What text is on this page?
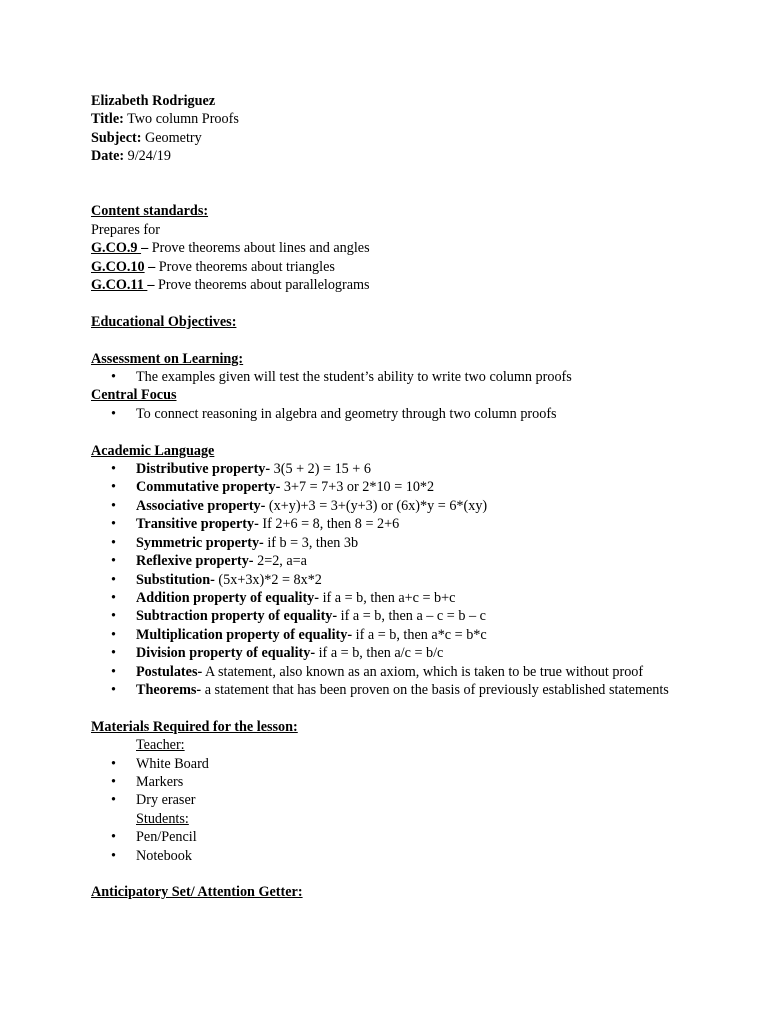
Elizabeth Rodriguez
Title: Two column Proofs
Subject: Geometry
Date: 9/24/19
Content standards:
Prepares for
G.CO.9 – Prove theorems about lines and angles
G.CO.10 – Prove theorems about triangles
G.CO.11 – Prove theorems about parallelograms
Educational Objectives:
Assessment on Learning:
• The examples given will test the student’s ability to write two column proofs
Central Focus
• To connect reasoning in algebra and geometry through two column proofs
Academic Language
• Distributive property- 3(5 + 2) = 15 + 6
• Commutative property- 3+7 = 7+3 or 2*10 = 10*2
• Associative property- (x+y)+3 = 3+(y+3) or (6x)*y = 6*(xy)
• Transitive property- If 2+6 = 8, then 8 = 2+6
• Symmetric property- if b = 3, then 3b
• Reflexive property- 2=2, a=a
• Substitution- (5x+3x)*2 = 8x*2
• Addition property of equality- if a = b, then a+c = b+c
• Subtraction property of equality- if a = b, then a – c = b – c
• Multiplication property of equality- if a = b, then a*c = b*c
• Division property of equality- if a = b, then a/c = b/c
• Postulates- A statement, also known as an axiom, which is taken to be true without proof
• Theorems- a statement that has been proven on the basis of previously established statements
Materials Required for the lesson:
Teacher:
• White Board
• Markers
• Dry eraser
Students:
• Pen/Pencil
• Notebook
Anticipatory Set/ Attention Getter:
